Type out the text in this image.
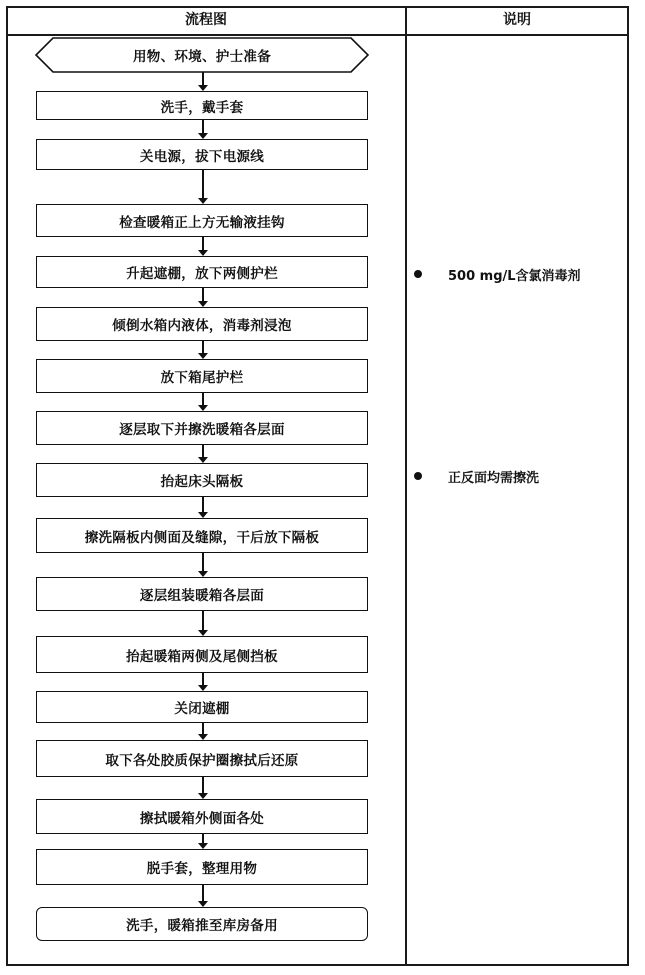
流程图	说明
用物、环境、护士准备
洗手，戴手套
关电源，拔下电源线
检查暖箱正上方无输液挂钩
升起遮棚，放下两侧护栏
倾倒水箱内液体，消毒剂浸泡
放下箱尾护栏
逐层取下并擦洗暖箱各层面
抬起床头隔板
擦洗隔板内侧面及缝隙，干后放下隔板
逐层组装暖箱各层面
抬起暖箱两侧及尾侧挡板
关闭遮棚
取下各处胶质保护圈擦拭后还原
擦拭暖箱外侧面各处
脱手套，整理用物
洗手，暖箱推至库房备用
500 mg/L含氯消毒剂
正反面均需擦洗
